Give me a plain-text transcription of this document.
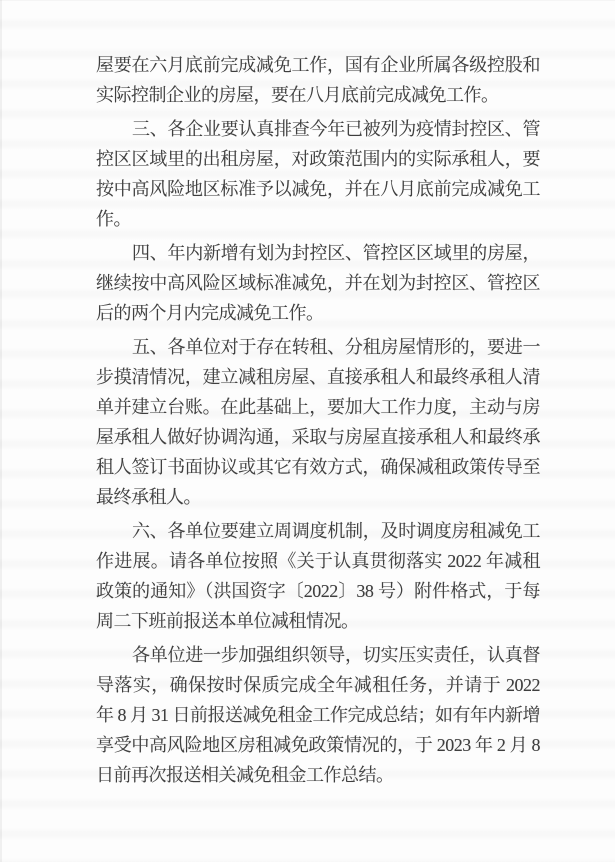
屋要在六月底前完成减免工作，国有企业所属各级控股和实际控制企业的房屋，要在八月底前完成减免工作。

三、各企业要认真排查今年已被列为疫情封控区、管控区区域里的出租房屋，对政策范围内的实际承租人，要按中高风险地区标准予以减免，并在八月底前完成减免工作。

四、年内新增有划为封控区、管控区区域里的房屋，继续按中高风险区域标准减免，并在划为封控区、管控区后的两个月内完成减免工作。

五、各单位对于存在转租、分租房屋情形的，要进一步摸清情况，建立减租房屋、直接承租人和最终承租人清单并建立台账。在此基础上，要加大工作力度，主动与房屋承租人做好协调沟通，采取与房屋直接承租人和最终承租人签订书面协议或其它有效方式，确保减租政策传导至最终承租人。

六、各单位要建立周调度机制，及时调度房租减免工作进展。请各单位按照《关于认真贯彻落实 2022 年减租政策的通知》（洪国资字〔2022〕38 号）附件格式，于每周二下班前报送本单位减租情况。

各单位进一步加强组织领导，切实压实责任，认真督导落实，确保按时保质完成全年减租任务，并请于 2022 年 8 月 31 日前报送减免租金工作完成总结；如有年内新增享受中高风险地区房租减免政策情况的，于 2023 年 2 月 8 日前再次报送相关减免租金工作总结。
